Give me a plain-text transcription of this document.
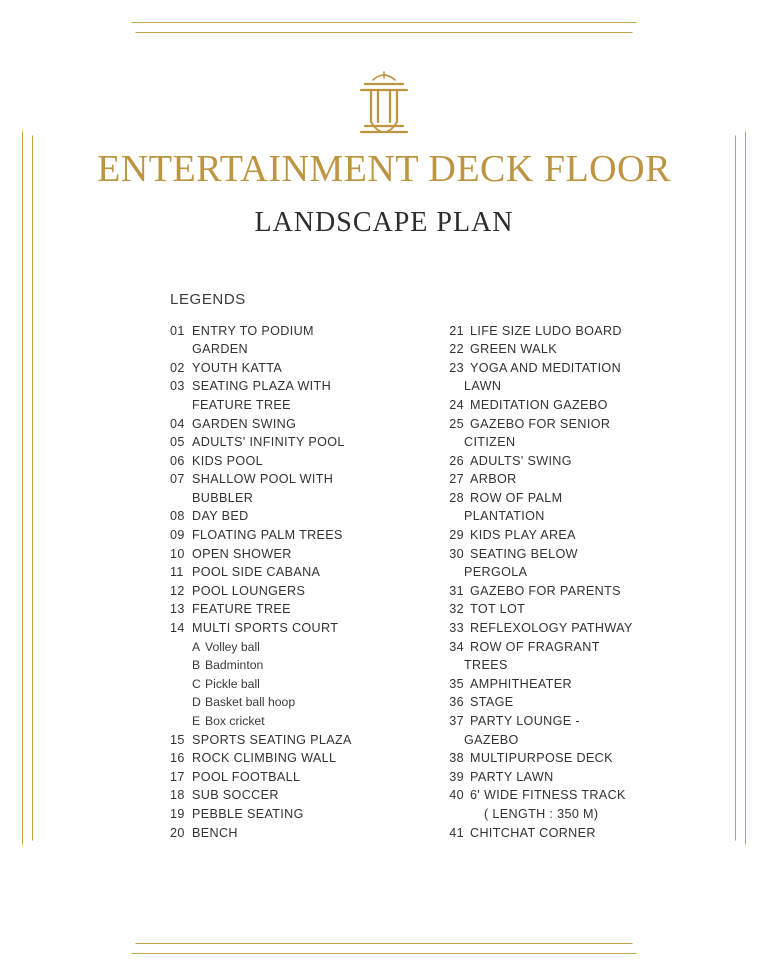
ENTERTAINMENT DECK FLOOR
LANDSCAPE PLAN
LEGENDS
01 ENTRY TO PODIUM
GARDEN
02 YOUTH KATTA
03 SEATING PLAZA WITH
FEATURE TREE
04 GARDEN SWING
05 ADULTS' INFINITY POOL
06 KIDS POOL
07 SHALLOW POOL WITH
BUBBLER
08 DAY BED
09 FLOATING PALM TREES
10 OPEN SHOWER
11 POOL SIDE CABANA
12 POOL LOUNGERS
13 FEATURE TREE
14 MULTI SPORTS COURT
A Volley ball
B Badminton
C Pickle ball
D Basket ball hoop
E Box cricket
15 SPORTS SEATING PLAZA
16 ROCK CLIMBING WALL
17 POOL FOOTBALL
18 SUB SOCCER
19 PEBBLE SEATING
20 BENCH
21 LIFE SIZE LUDO BOARD
22 GREEN WALK
23 YOGA AND MEDITATION
LAWN
24 MEDITATION GAZEBO
25 GAZEBO FOR SENIOR
CITIZEN
26 ADULTS' SWING
27 ARBOR
28 ROW OF PALM
PLANTATION
29 KIDS PLAY AREA
30 SEATING BELOW
PERGOLA
31 GAZEBO FOR PARENTS
32 TOT LOT
33 REFLEXOLOGY PATHWAY
34 ROW OF FRAGRANT
TREES
35 AMPHITHEATER
36 STAGE
37 PARTY LOUNGE -
GAZEBO
38 MULTIPURPOSE DECK
39 PARTY LAWN
40 6' WIDE FITNESS TRACK
( LENGTH : 350 M)
41 CHITCHAT CORNER
